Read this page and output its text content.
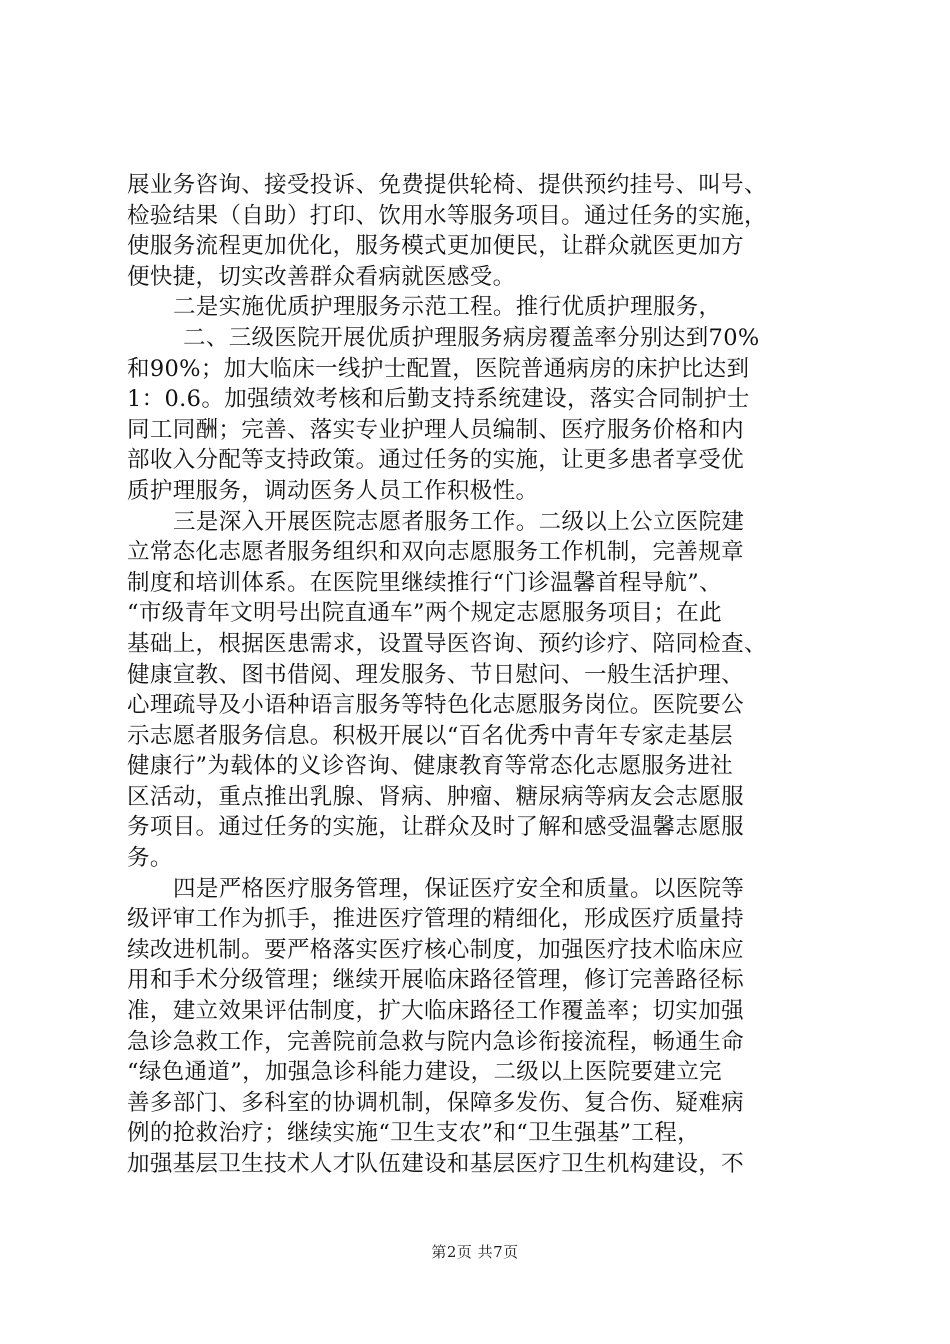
展业务咨询、接受投诉、免费提供轮椅、提供预约挂号、叫号、
检验结果（自助）打印、饮用水等服务项目。通过任务的实施，
使服务流程更加优化，服务模式更加便民，让群众就医更加方
便快捷，切实改善群众看病就医感受。
二是实施优质护理服务示范工程。推行优质护理服务，
二、三级医院开展优质护理服务病房覆盖率分别达到70%
和90%；加大临床一线护士配置，医院普通病房的床护比达到
1：0.6。加强绩效考核和后勤支持系统建设，落实合同制护士
同工同酬；完善、落实专业护理人员编制、医疗服务价格和内
部收入分配等支持政策。通过任务的实施，让更多患者享受优
质护理服务，调动医务人员工作积极性。
三是深入开展医院志愿者服务工作。二级以上公立医院建
立常态化志愿者服务组织和双向志愿服务工作机制，完善规章
制度和培训体系。在医院里继续推行“门诊温馨首程导航”、
“市级青年文明号出院直通车”两个规定志愿服务项目；在此
基础上，根据医患需求，设置导医咨询、预约诊疗、陪同检查、
健康宣教、图书借阅、理发服务、节日慰问、一般生活护理、
心理疏导及小语种语言服务等特色化志愿服务岗位。医院要公
示志愿者服务信息。积极开展以“百名优秀中青年专家走基层
健康行”为载体的义诊咨询、健康教育等常态化志愿服务进社
区活动，重点推出乳腺、肾病、肿瘤、糖尿病等病友会志愿服
务项目。通过任务的实施，让群众及时了解和感受温馨志愿服
务。
四是严格医疗服务管理，保证医疗安全和质量。以医院等
级评审工作为抓手，推进医疗管理的精细化，形成医疗质量持
续改进机制。要严格落实医疗核心制度，加强医疗技术临床应
用和手术分级管理；继续开展临床路径管理，修订完善路径标
准，建立效果评估制度，扩大临床路径工作覆盖率；切实加强
急诊急救工作，完善院前急救与院内急诊衔接流程，畅通生命
“绿色通道”，加强急诊科能力建设，二级以上医院要建立完
善多部门、多科室的协调机制，保障多发伤、复合伤、疑难病
例的抢救治疗；继续实施“卫生支农”和“卫生强基”工程，
加强基层卫生技术人才队伍建设和基层医疗卫生机构建设，不
第2页 共7页
